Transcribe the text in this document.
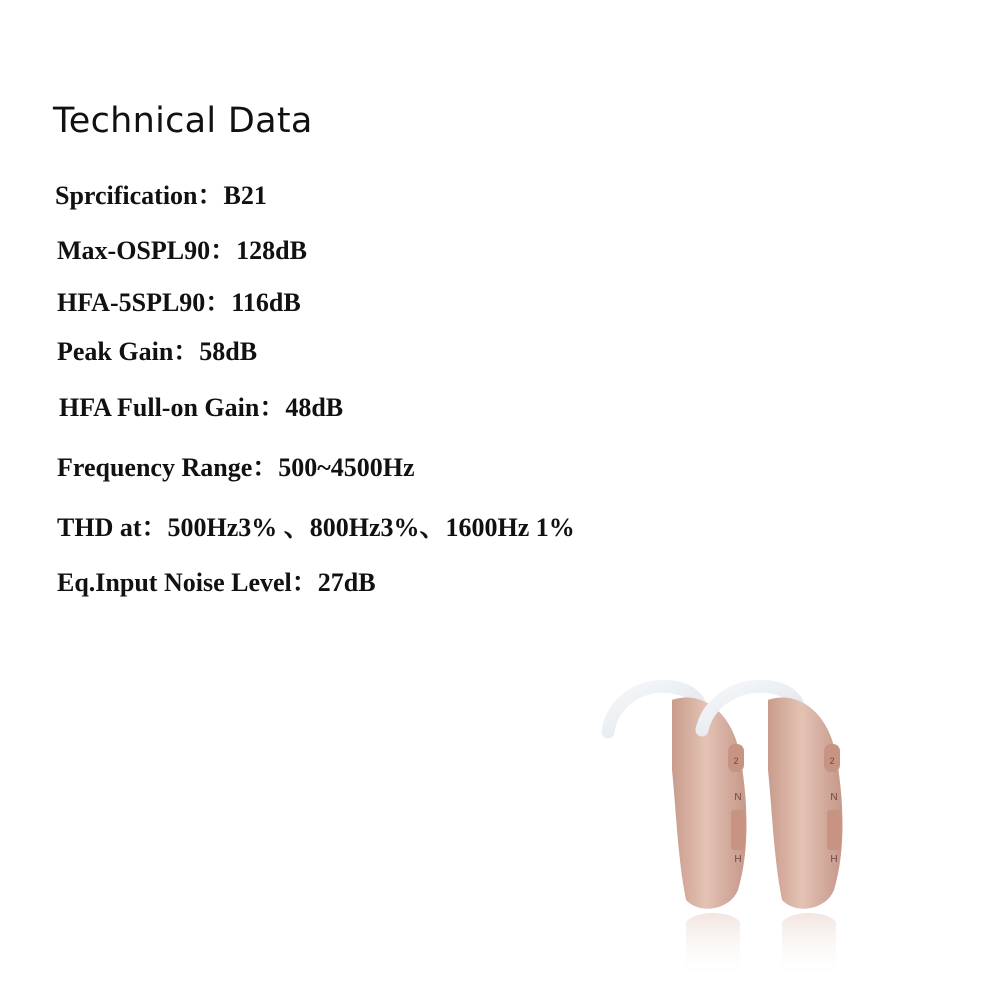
Technical Data

Sprcification：B21

Max-OSPL90：128dB

HFA-5SPL90：116dB

Peak Gain：58dB

HFA Full-on Gain：48dB

Frequency Range：500~4500Hz

THD at：500Hz3% 、800Hz3%、1600Hz 1%

Eq.Input Noise Level：27dB

2
N
H
2
N
H
